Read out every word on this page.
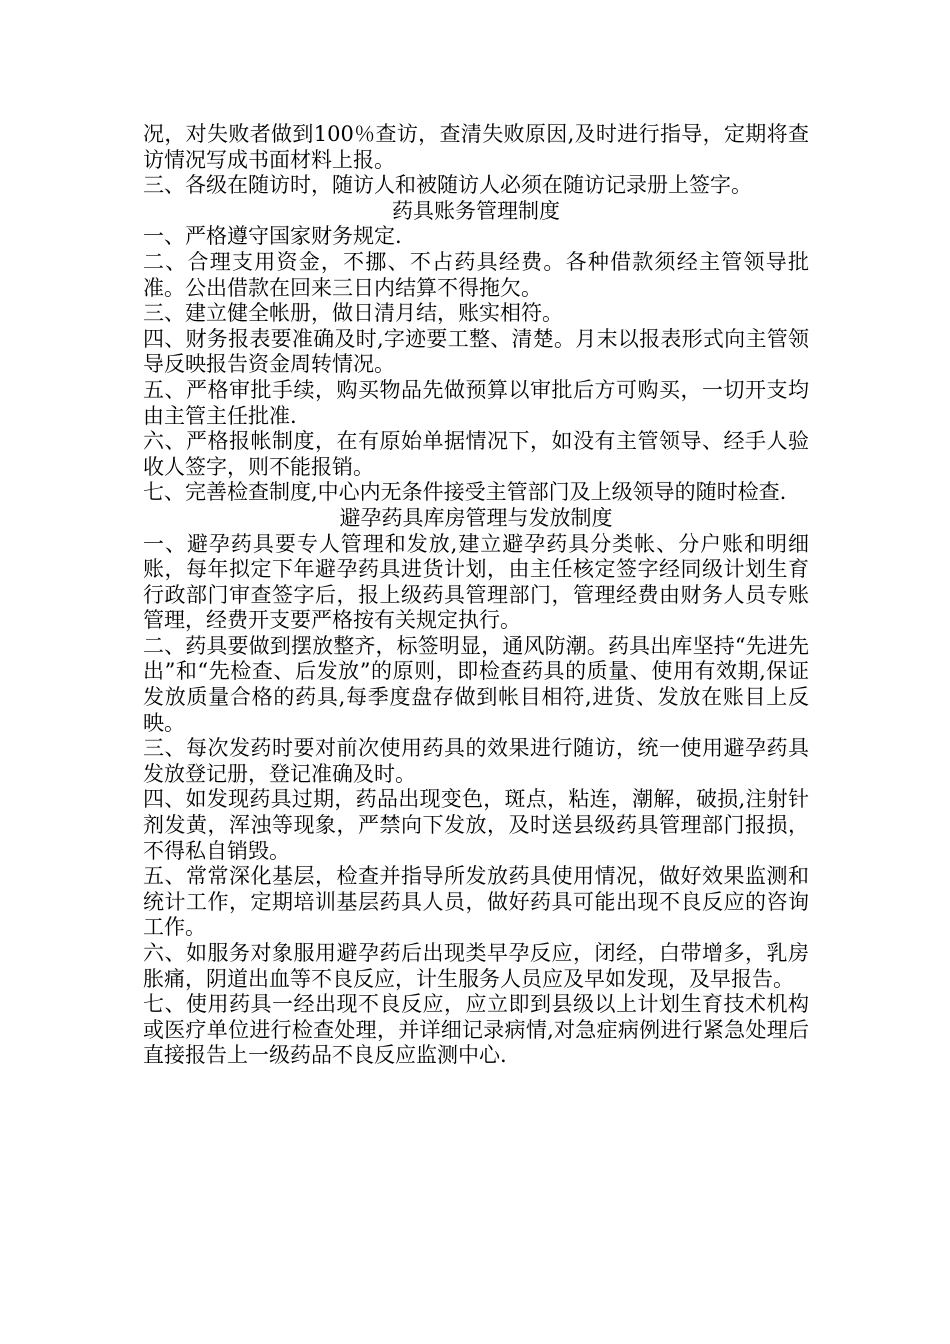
况，对失败者做到100％查访，查清失败原因,及时进行指导，定期将查访情况写成书面材料上报。

三、各级在随访时，随访人和被随访人必须在随访记录册上签字。

药具账务管理制度

一、严格遵守国家财务规定.

二、合理支用资金，不挪、不占药具经费。各种借款须经主管领导批准。公出借款在回来三日内结算不得拖欠。

三、建立健全帐册，做日清月结，账实相符。

四、财务报表要准确及时,字迹要工整、清楚。月末以报表形式向主管领导反映报告资金周转情况。

五、严格审批手续，购买物品先做预算以审批后方可购买，一切开支均由主管主任批准.

六、严格报帐制度，在有原始单据情况下，如没有主管领导、经手人验收人签字，则不能报销。

七、完善检查制度,中心内无条件接受主管部门及上级领导的随时检查.

避孕药具库房管理与发放制度

一、避孕药具要专人管理和发放,建立避孕药具分类帐、分户账和明细账，每年拟定下年避孕药具进货计划，由主任核定签字经同级计划生育行政部门审查签字后，报上级药具管理部门，管理经费由财务人员专账管理，经费开支要严格按有关规定执行。

二、药具要做到摆放整齐，标签明显，通风防潮。药具出库坚持“先进先出”和“先检查、后发放”的原则，即检查药具的质量、使用有效期,保证发放质量合格的药具,每季度盘存做到帐目相符,进货、发放在账目上反映。

三、每次发药时要对前次使用药具的效果进行随访，统一使用避孕药具发放登记册，登记准确及时。

四、如发现药具过期，药品出现变色，斑点，粘连，潮解，破损,注射针剂发黄，浑浊等现象，严禁向下发放，及时送县级药具管理部门报损，不得私自销毁。

五、常常深化基层，检查并指导所发放药具使用情况，做好效果监测和统计工作，定期培训基层药具人员，做好药具可能出现不良反应的咨询工作。

六、如服务对象服用避孕药后出现类早孕反应，闭经，白带增多，乳房胀痛，阴道出血等不良反应，计生服务人员应及早如发现，及早报告。

七、使用药具一经出现不良反应，应立即到县级以上计划生育技术机构或医疗单位进行检查处理，并详细记录病情,对急症病例进行紧急处理后直接报告上一级药品不良反应监测中心.
